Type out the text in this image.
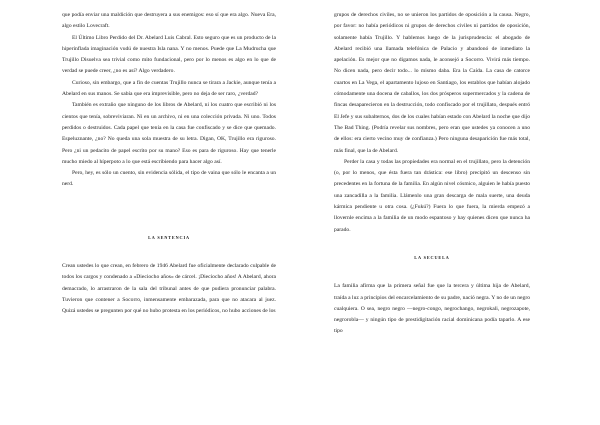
que podía enviar una maldición que destruyera a sus enemigos: eso sí que era algo. Nueva Era, algo estilo Lovecraft.

El Último Libro Perdido del Dr. Abelard Luis Cabral. Esto seguro que es un producto de la hiperinflada imaginación vudú de nuestra Isla nana. Y no menos. Puede que La Mudrucha que Trujillo Disuelva sea trivial como mito fundacional, pero por lo menos es algo en lo que de verdad se puede creer, ¿no es así? Algo verdadero.

Curioso, sin embargo, que a fin de cuentas Trujillo nunca se tirara a Jackie, aunque tenía a Abelard en sus manos. Se sabía que era imprevisible, pero no deja de ser raro, ¿verdad?

También es extraño que ninguno de los libros de Abelard, ni los cuatro que escribió ni los cientos que tenía, sobreviviaran. Ni en un archivo, ni en una colección privada. Ni uno. Todos perdidos o destruidos. Cada papel que tenía en la casa fue confiscado y se dice que quemado. Espeluznante, ¿no? No queda una sola muestra de su letra. Digan, OK, Trujillo era riguroso. Pero ¿ni un pedacito de papel escrito por su mano? Eso es para de riguroso. Hay que tenerle mucho miedo al híperpoto a lo que está escribiendo para hacer algo así.

Pero, hey, es sólo un cuento, sin evidencia sólida, el tipo de vaina que sólo le encanta a un nerd.

LA SENTENCIA

Crean ustedes lo que crean, en febrero de 1946 Abelard fue oficialmente declarado culpable de todos los cargos y condenado a «Dieciocho años» de cárcel. ¡Dieciocho años! A Abelard, ahora demacrado, lo arrastraron de la sala del tribunal antes de que pudiera pronunciar palabra. Tuvieron que contener a Socorro, inmensamente embarazada, para que no atacara al juez. Quizá ustedes se pregunten por qué no hubo protesta en los periódicos, no hubo acciones de los

grupos de derechos civiles, no se unieron los partidos de oposición a la causa. Negro, por favor: no había periódicos ni grupos de derechos civiles ni partidos de oposición, solamente había Trujillo. Y hablemos luego de la jurisprudencia: el abogado de Abelard recibió una llamada telefónica de Palacio y abandonó de inmediato la apelación. Es mejor que no digamos nada, le aconsejó a Socorro. Vivirá más tiempo. No dicen nada, pero decir todo... lo mismo daba. Era la Caída. La casa de catorce cuartos en La Vega, el apartamento lujoso en Santiago, los establos que habían alojado cómodamente una docena de caballos, los dos prósperos supermercados y la cadena de fincas desaparecieron en la destrucción, todo confiscado por el trujillato, después entró El Jefe y sus subalternos, dos de los cuales habían estado con Abelard la noche que dijo The Bad Thing. (Podría revelar sus nombres, pero eran que ustedes ya conocen a uno de ellos: era cierto vecino muy de confianza.) Pero ninguna desaparición fue más total, más final, que la de Abelard.

Perder la casa y todas las propiedades era normal en el trujillato, pero la detención (o, por lo menos, que ésta fuera tan drástica: ese libro) precipitó un descenso sin precedentes en la fortuna de la familia. En algún nivel cósmico, alguien le había puesto una zancadilla a la familia. Llámenlo una gran descarga de mala suerte, una deuda kármica pendiente u otra cosa. (¿Fukú?) Fuera lo que fuera, la mierda empezó a llovernle encima a la familia de un modo espantoso y hay quienes dicen que nunca ha parado.

LA SECUELA

La familia afirma que la primera señal fue que la tercera y última hija de Abelard, traída a luz a principios del encarcelamiento de su padre, nació negra. Y no de un negro cualquiera. O sea, negro negro —negro-congo, negrochango, negrokali, negrozapote, negrorobla— y ningún tipo de prestidigitación racial dominicana podía taparlo. A ese tipo
